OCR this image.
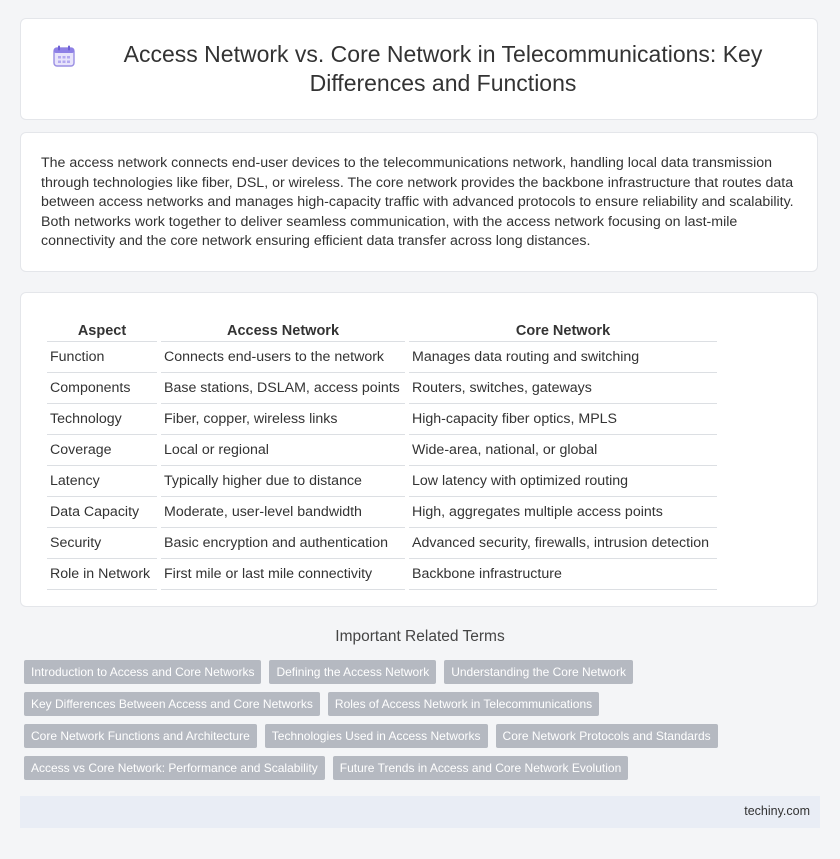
Access Network vs. Core Network in Telecommunications: Key Differences and Functions

The access network connects end-user devices to the telecommunications network, handling local data transmission through technologies like fiber, DSL, or wireless. The core network provides the backbone infrastructure that routes data between access networks and manages high-capacity traffic with advanced protocols to ensure reliability and scalability. Both networks work together to deliver seamless communication, with the access network focusing on last-mile connectivity and the core network ensuring efficient data transfer across long distances.

Aspect	Access Network	Core Network
Function	Connects end-users to the network	Manages data routing and switching
Components	Base stations, DSLAM, access points	Routers, switches, gateways
Technology	Fiber, copper, wireless links	High-capacity fiber optics, MPLS
Coverage	Local or regional	Wide-area, national, or global
Latency	Typically higher due to distance	Low latency with optimized routing
Data Capacity	Moderate, user-level bandwidth	High, aggregates multiple access points
Security	Basic encryption and authentication	Advanced security, firewalls, intrusion detection
Role in Network	First mile or last mile connectivity	Backbone infrastructure
Important Related Terms
Introduction to Access and Core Networks	Defining the Access Network	Understanding the Core Network
Key Differences Between Access and Core Networks	Roles of Access Network in Telecommunications
Core Network Functions and Architecture	Technologies Used in Access Networks	Core Network Protocols and Standards
Access vs Core Network: Performance and Scalability	Future Trends in Access and Core Network Evolution
techiny.com
